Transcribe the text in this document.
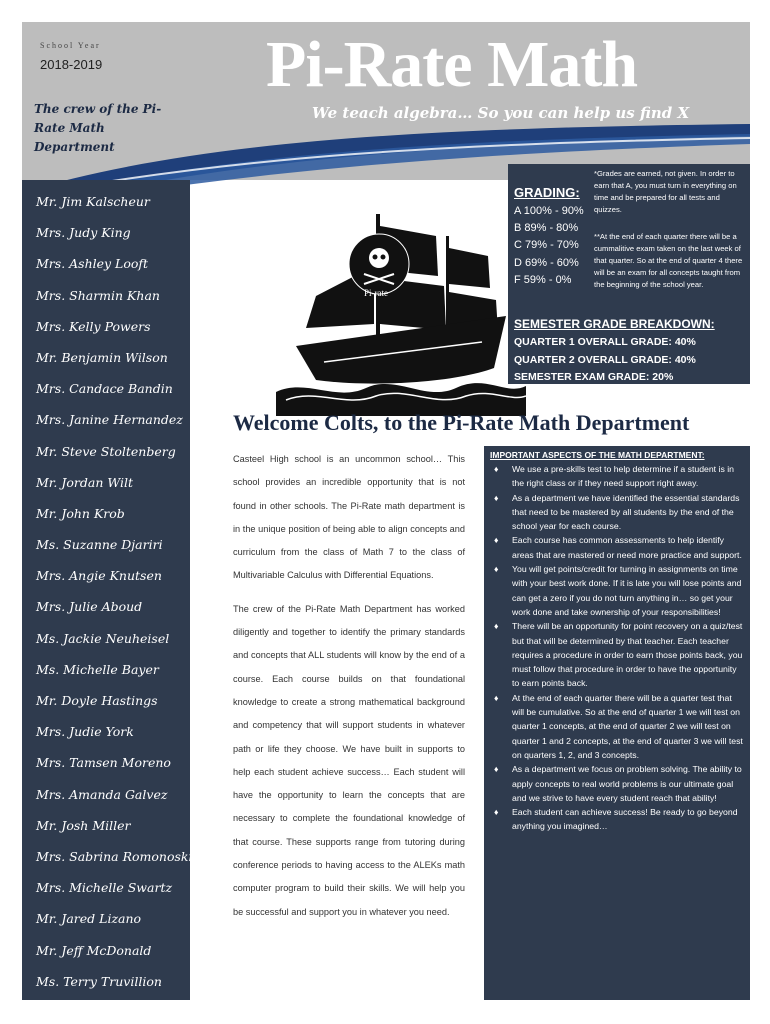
School Year
2018-2019 Pi-Rate Math
We teach algebra… So you can help us find X
The crew of the Pi-Rate Math Department
Mr. Jim Kalscheur
Mrs. Judy King
Mrs. Ashley Looft
Mrs. Sharmin Khan
Mrs. Kelly Powers
Mr. Benjamin Wilson
Mrs. Candace Bandin
Mrs. Janine Hernandez
Mr. Steve Stoltenberg
Mr. Jordan Wilt
Mr. John Krob
Ms. Suzanne Djariri
Mrs. Angie Knutsen
Mrs. Julie Aboud
Ms. Jackie Neuheisel
Ms. Michelle Bayer
Mr. Doyle Hastings
Mrs. Judie York
Mrs. Tamsen Moreno
Mrs. Amanda Galvez
Mr. Josh Miller
Mrs. Sabrina Romonoski
Mrs. Michelle Swartz
Mr. Jared Lizano
Mr. Jeff McDonald
Ms. Terry Truvillion
Pi-rate
GRADING:
A 100% - 90%
B 89% - 80%
C 79% - 70%
D 69% - 60%
F 59% - 0%
*Grades are earned, not given. In order to earn that A, you must turn in everything on time and be prepared for all tests and quizzes.
**At the end of each quarter there will be a cummalitive exam taken on the last week of that quarter. So at the end of quarter 4 there will be an exam for all concepts taught from the beginning of the school year.
SEMESTER GRADE BREAKDOWN:
QUARTER 1 OVERALL GRADE: 40%
QUARTER 2 OVERALL GRADE: 40%
SEMESTER EXAM GRADE: 20%
Welcome Colts, to the Pi-Rate Math Department

Casteel High school is an uncommon school… This school provides an incredible opportunity that is not found in other schools. The Pi-Rate math department is in the unique position of being able to align concepts and curriculum from the class of Math 7 to the class of Multivariable Calculus with Differential Equations.

The crew of the Pi-Rate Math Department has worked diligently and together to identify the primary standards and concepts that ALL students will know by the end of a course. Each course builds on that foundational knowledge to create a strong mathematical background and competency that will support students in whatever path or life they choose. We have built in supports to help each student achieve success… Each student will have the opportunity to learn the concepts that are necessary to complete the foundational knowledge of that course. These supports range from tutoring during conference periods to having access to the ALEKs math computer program to build their skills. We will help you be successful and support you in whatever you need.

IMPORTANT ASPECTS OF THE MATH DEPARTMENT:
♦ We use a pre-skills test to help determine if a student is in the right class or if they need support right away.
♦ As a department we have identified the essential standards that need to be mastered by all students by the end of the school year for each course.
♦ Each course has common assessments to help identify areas that are mastered or need more practice and support.
♦ You will get points/credit for turning in assignments on time with your best work done. If it is late you will lose points and can get a zero if you do not turn anything in… so get your work done and take ownership of your responsibilities!
♦ There will be an opportunity for point recovery on a quiz/test but that will be determined by that teacher. Each teacher requires a procedure in order to earn those points back, you must follow that procedure in order to have the opportunity to earn points back.
♦ At the end of each quarter there will be a quarter test that will be cumulative. So at the end of quarter 1 we will test on quarter 1 concepts, at the end of quarter 2 we will test on quarter 1 and 2 concepts, at the end of quarter 3 we will test on quarters 1, 2, and 3 concepts.
♦ As a department we focus on problem solving. The ability to apply concepts to real world problems is our ultimate goal and we strive to have every student reach that ability!
♦ Each student can achieve success! Be ready to go beyond anything you imagined…
